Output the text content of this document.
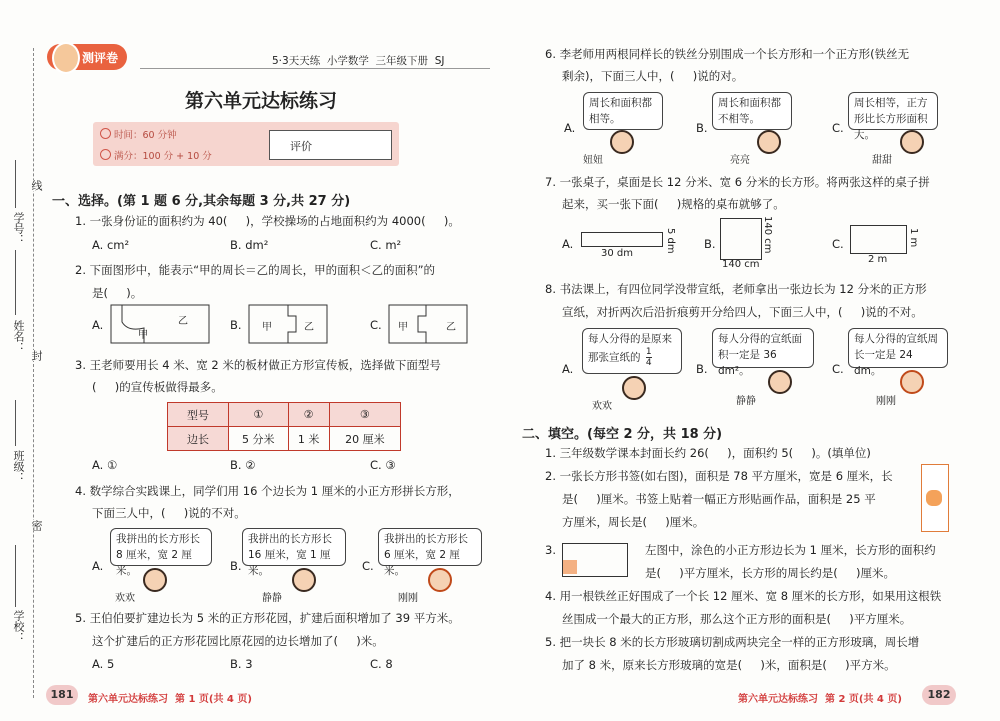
测评卷	5·3天天练  小学数学  三年级下册  SJ
第六单元达标练习
时间：60 分钟
满分：100 分 + 10 分
评价
学号：
线
姓名：
封
班级：
密
学校：
一、选择。(第 1 题 6 分,其余每题 3 分,共 27 分)
1. 一张身份证的面积约为 40(     )，学校操场的占地面积约为 4000(     )。
A. cm²	B. dm²	C. m²
2. 下面图形中，能表示“甲的周长＝乙的周长，甲的面积＜乙的面积”的
是(     )。
A.
甲
乙	B. 甲	乙	C. 甲	乙
3. 王老师要用长 4 米、宽 2 米的板材做正方形宣传板，选择做下面型号
(     )的宣传板做得最多。
型号	①	②	③
边长	5 分米	1 米	20 厘米
A. ①	B. ②	C. ③
4. 数学综合实践课上，同学们用 16 个边长为 1 厘米的小正方形拼长方形，
下面三人中，(     )说的不对。
A.
我拼出的长方形长 8 厘米，宽 2 厘米。
欢欢
B.
我拼出的长方形长 16 厘米，宽 1 厘米。
静静
C.
我拼出的长方形长 6 厘米，宽 2 厘米。
刚刚
5. 王伯伯要扩建边长为 5 米的正方形花园，扩建后面积增加了 39 平方米。
这个扩建后的正方形花园比原花园的边长增加了(     )米。
A. 5	B. 3	C. 8
181	第六单元达标练习  第 1 页(共 4 页)
6. 李老师用两根同样长的铁丝分别围成一个长方形和一个正方形(铁丝无
剩余)，下面三人中，(     )说的对。
A.
周长和面积都相等。
妞妞
B.
周长和面积都不相等。
亮亮
C.
周长相等，正方形比长方形面积大。
甜甜
7. 一张桌子，桌面是长 12 分米、宽 6 分米的长方形。将两张这样的桌子拼
起来，买一张下面(     )规格的桌布就够了。
A.
30 dm	5 dm B.
140 cm
140 cm	C.
2 m
1 m
8. 书法课上，有四位同学没带宣纸，老师拿出一张边长为 12 分米的正方形
宣纸，对折两次后沿折痕剪开分给四人，下面三人中，(     )说的不对。
A.
每人分得的是原来那张宣纸的 $\frac{1}{4}$
欢欢
B.
每人分得的宣纸面积一定是 36 dm²。
静静
C.
每人分得的宣纸周长一定是 24 dm。
刚刚
二、填空。(每空 2 分，共 18 分)
1. 三年级数学课本封面长约 26(     )，面积约 5(     )。(填单位)
2. 一张长方形书签(如右图)，面积是 78 平方厘米，宽是 6 厘米，长
是(     )厘米。书签上贴着一幅正方形贴画作品，面积是 25 平
方厘米，周长是(     )厘米。
3.	左图中，涂色的小正方形边长为 1 厘米，长方形的面积约
是(     )平方厘米，长方形的周长约是(     )厘米。
4. 用一根铁丝正好围成了一个长 12 厘米、宽 8 厘米的长方形，如果用这根铁
丝围成一个最大的正方形，那么这个正方形的面积是(     )平方厘米。
5. 把一块长 8 米的长方形玻璃切割成两块完全一样的正方形玻璃，周长增
加了 8 米，原来长方形玻璃的宽是(     )米，面积是(     )平方米。
第六单元达标练习  第 2 页(共 4 页)	182
